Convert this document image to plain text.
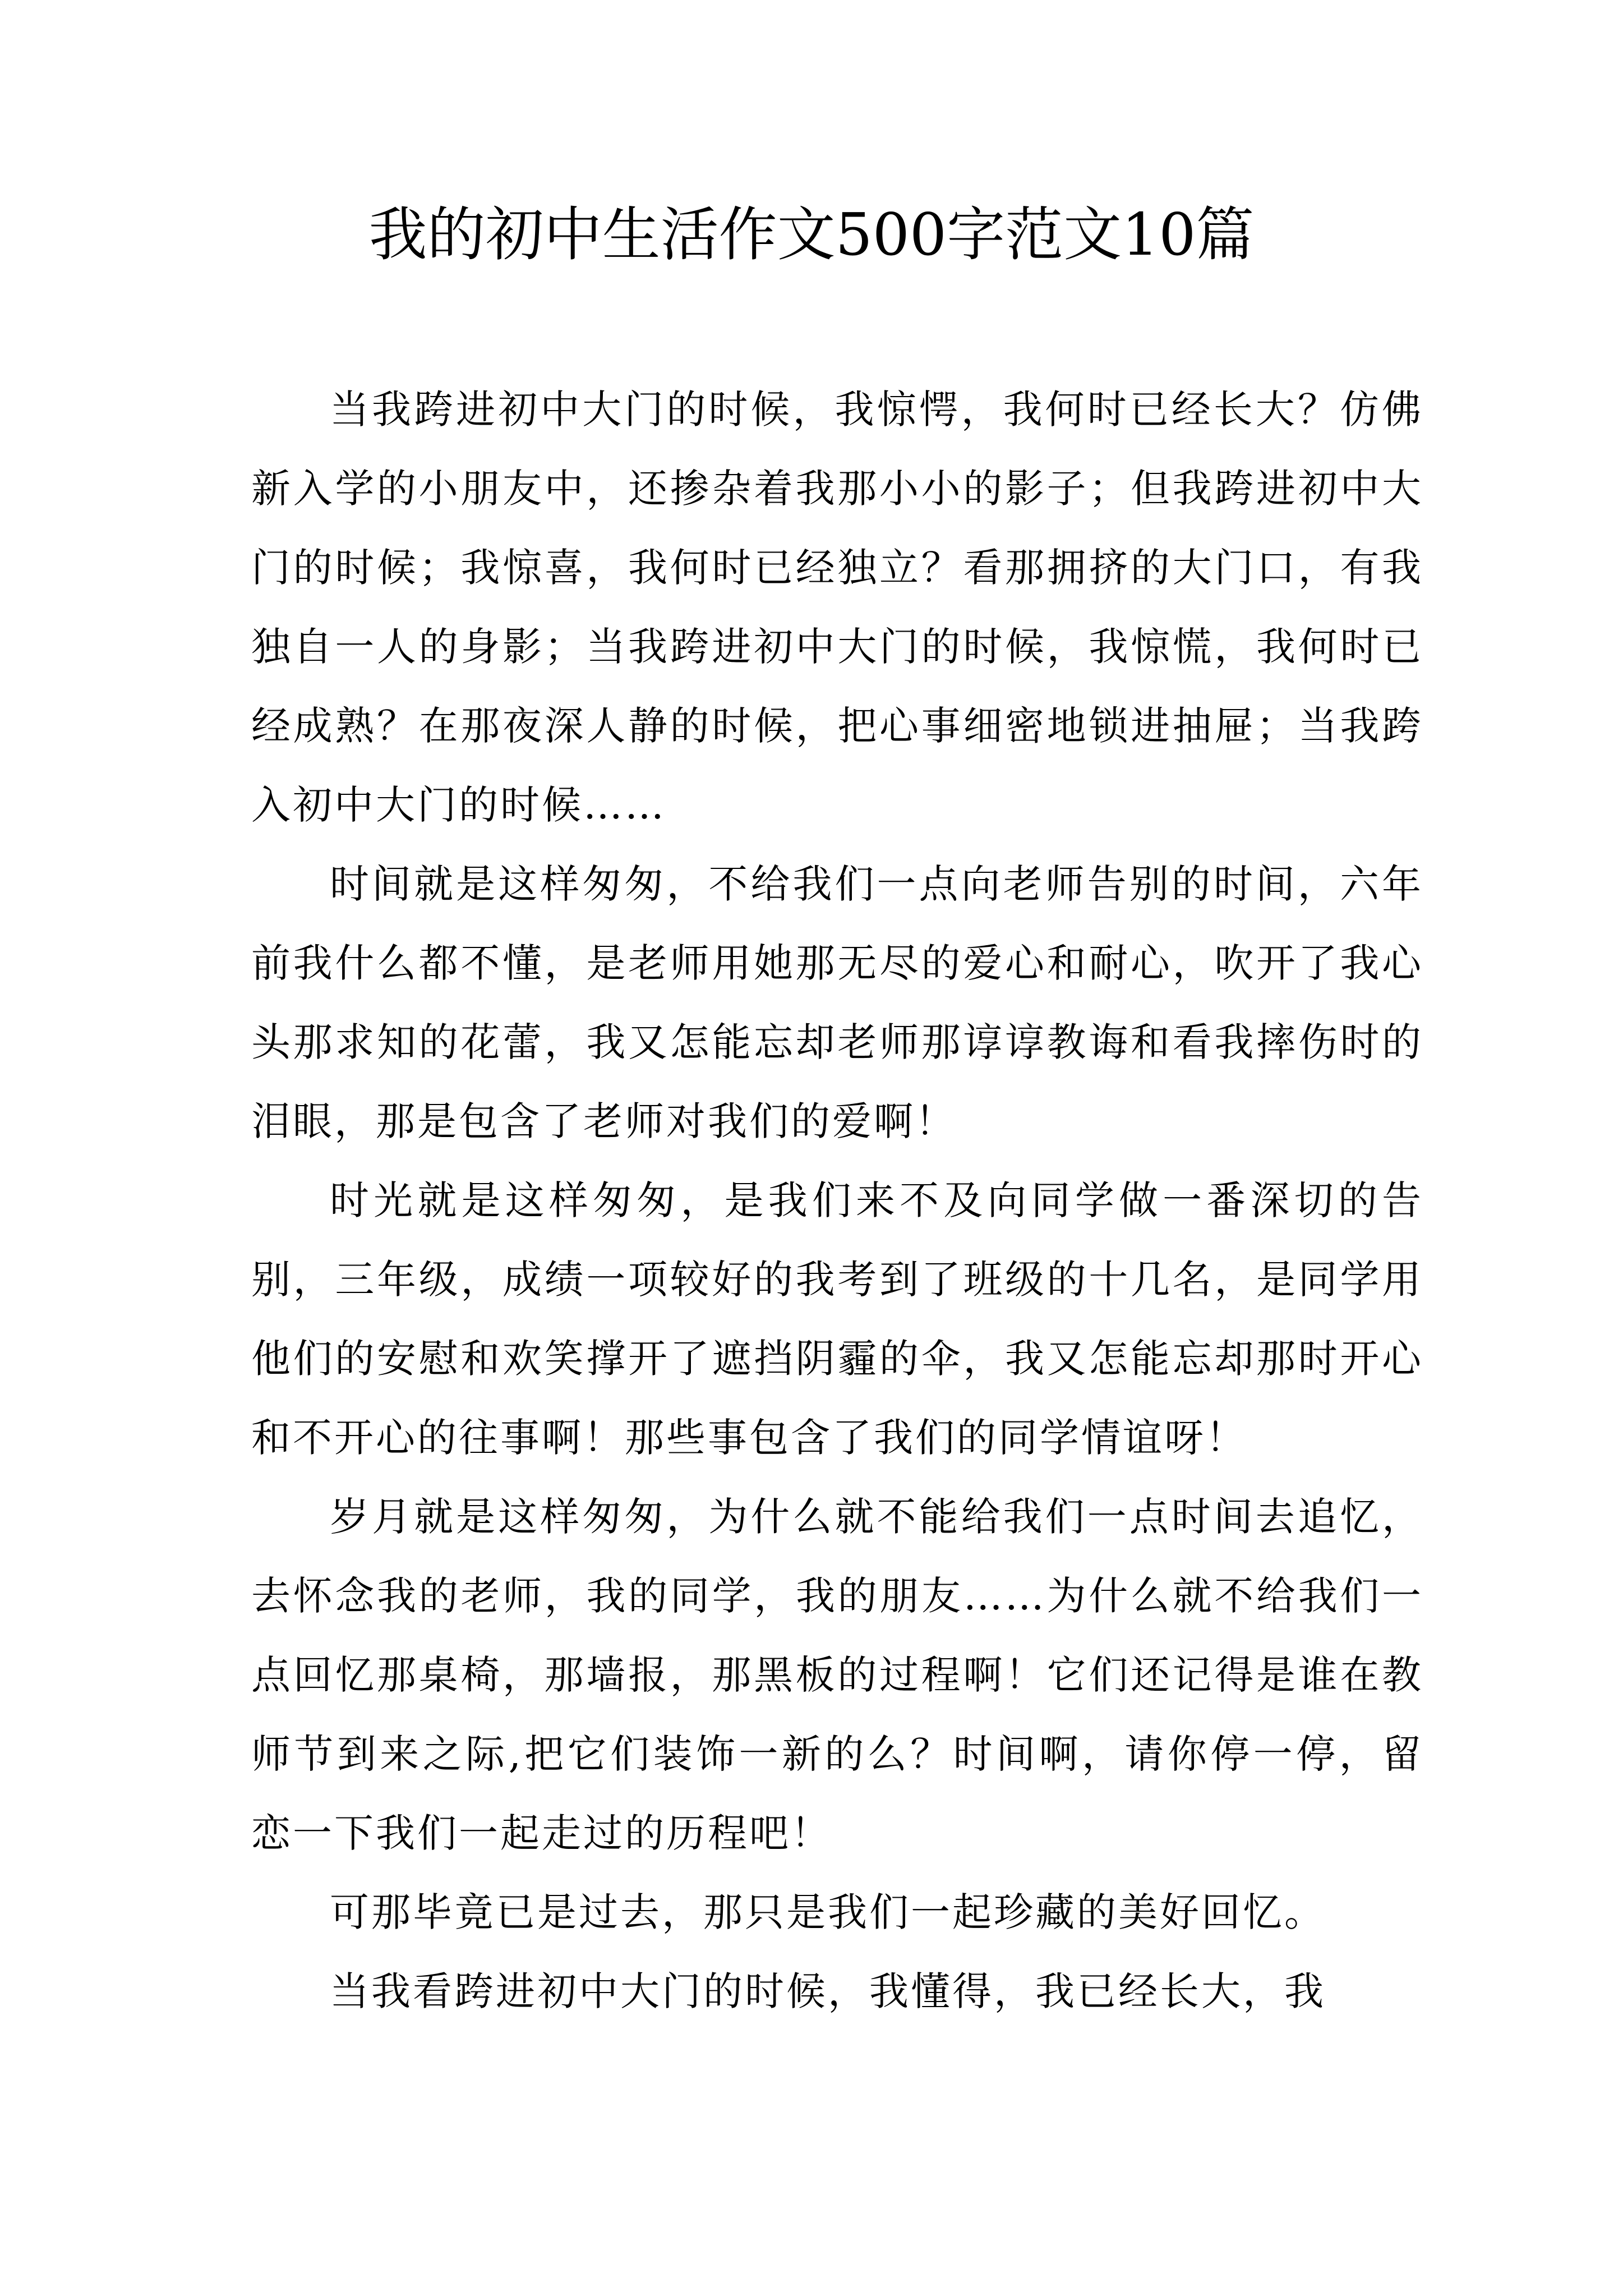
我的初中生活作文500字范文10篇

当我跨进初中大门的时候，我惊愕，我何时已经长大？仿佛新入学的小朋友中，还掺杂着我那小小的影子；但我跨进初中大门的时候；我惊喜，我何时已经独立？看那拥挤的大门口，有我独自一人的身影；当我跨进初中大门的时候，我惊慌，我何时已经成熟？在那夜深人静的时候，把心事细密地锁进抽屉；当我跨入初中大门的时候……

时间就是这样匆匆，不给我们一点向老师告别的时间，六年前我什么都不懂，是老师用她那无尽的爱心和耐心，吹开了我心头那求知的花蕾，我又怎能忘却老师那谆谆教诲和看我摔伤时的泪眼，那是包含了老师对我们的爱啊！

时光就是这样匆匆，是我们来不及向同学做一番深切的告别，三年级，成绩一项较好的我考到了班级的十几名，是同学用他们的安慰和欢笑撑开了遮挡阴霾的伞，我又怎能忘却那时开心和不开心的往事啊！那些事包含了我们的同学情谊呀！

岁月就是这样匆匆，为什么就不能给我们一点时间去追忆，去怀念我的老师，我的同学，我的朋友……为什么就不给我们一点回忆那桌椅，那墙报，那黑板的过程啊！它们还记得是谁在教师节到来之际,把它们装饰一新的么？时间啊，请你停一停，留恋一下我们一起走过的历程吧！

可那毕竟已是过去，那只是我们一起珍藏的美好回忆。

当我看跨进初中大门的时候，我懂得，我已经长大，我
